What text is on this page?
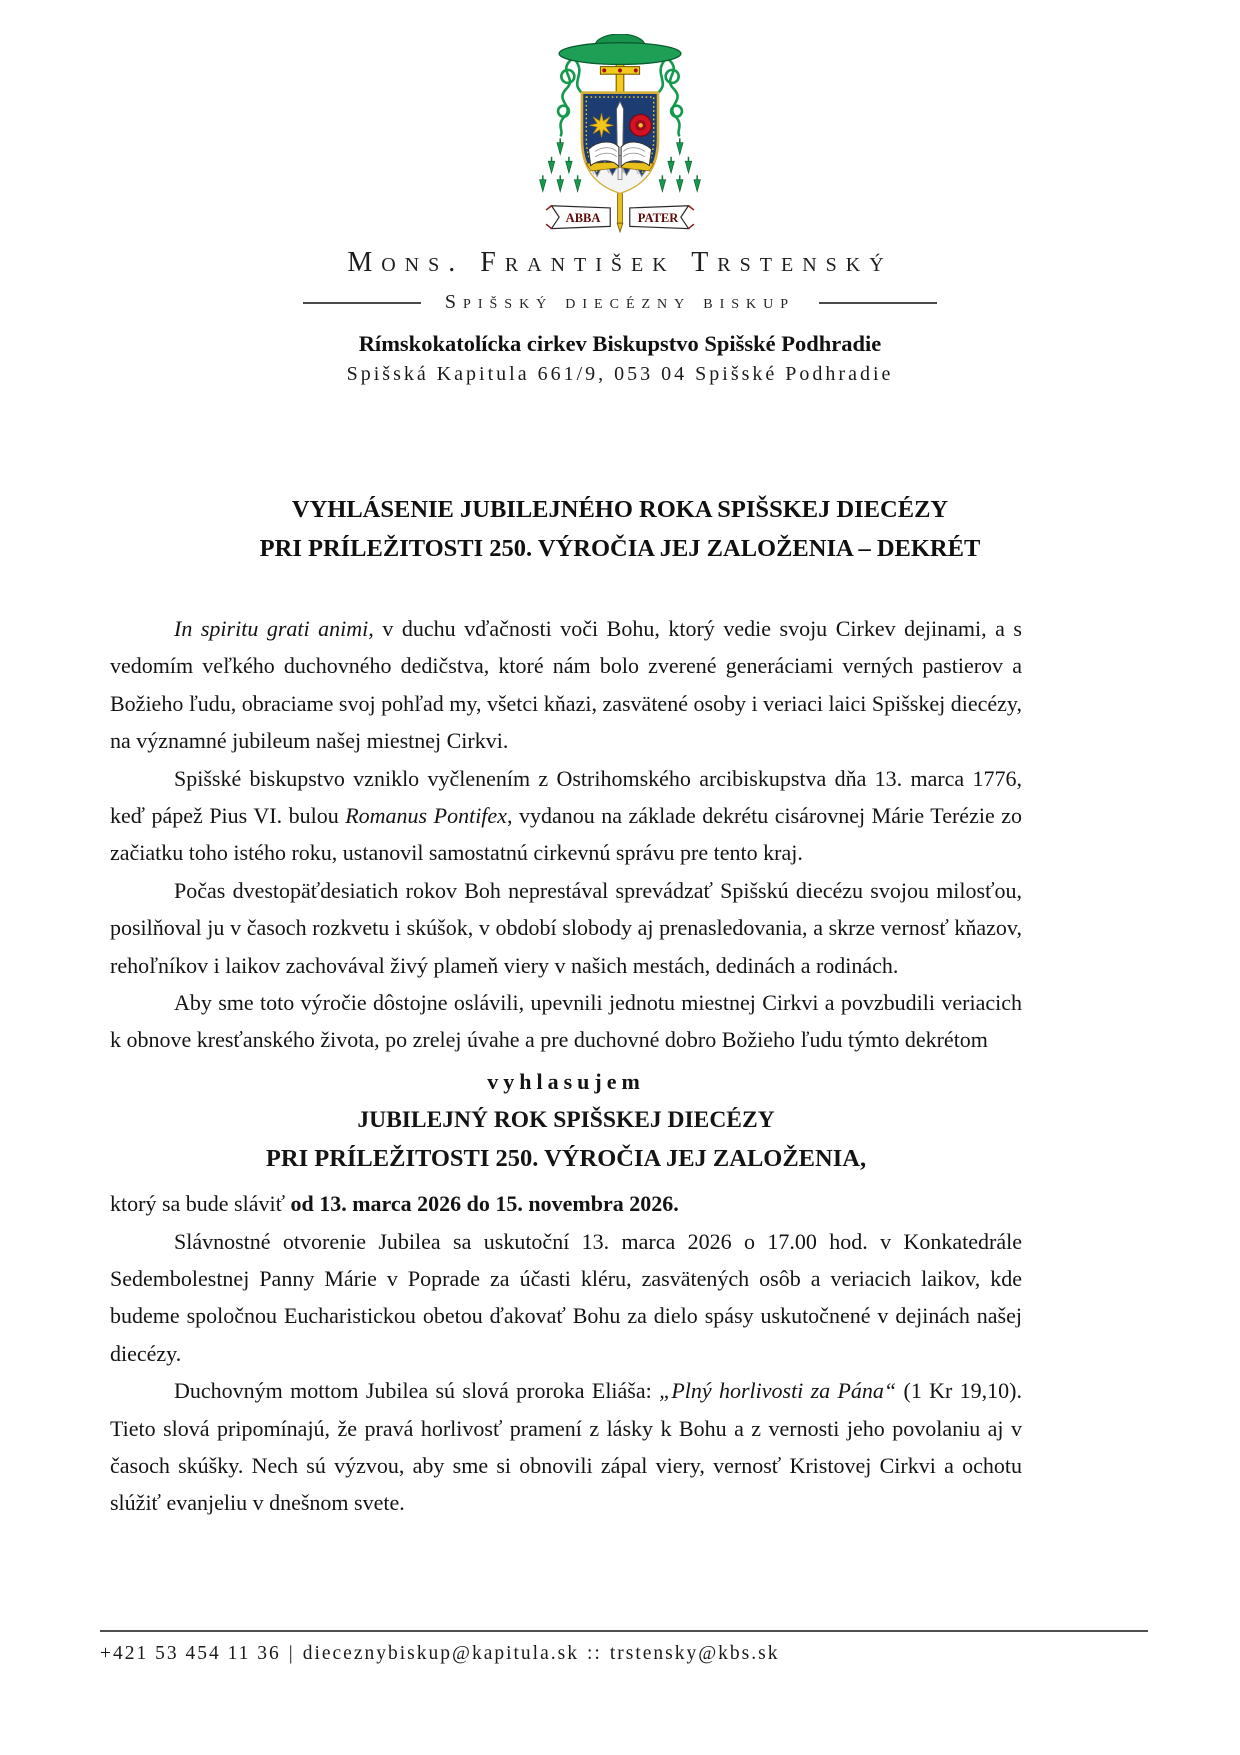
ABBA	PATER
Mons. František Trstenský
Spišský diecézny biskup
Rímskokatolícka cirkev Biskupstvo Spišské Podhradie
Spišská Kapitula 661/9, 053 04 Spišské Podhradie
VYHLÁSENIE JUBILEJNÉHO ROKA SPIŠSKEJ DIECÉZY
PRI PRÍLEŽITOSTI 250. VÝROČIA JEJ ZALOŽENIA – DEKRÉT

In spiritu grati animi, v duchu vďačnosti voči Bohu, ktorý vedie svoju Cirkev dejinami, a s vedomím veľkého duchovného dedičstva, ktoré nám bolo zverené generáciami verných pastierov a Božieho ľudu, obraciame svoj pohľad my, všetci kňazi, zasvätené osoby i veriaci laici Spišskej diecézy, na významné jubileum našej miestnej Cirkvi.

Spišské biskupstvo vzniklo vyčlenením z Ostrihomského arcibiskupstva dňa 13. marca 1776, keď pápež Pius VI. bulou Romanus Pontifex, vydanou na základe dekrétu cisárovnej Márie Terézie zo začiatku toho istého roku, ustanovil samostatnú cirkevnú správu pre tento kraj.

Počas dvestopäťdesiatich rokov Boh neprestával sprevádzať Spišskú diecézu svojou milosťou, posilňoval ju v časoch rozkvetu i skúšok, v období slobody aj prenasledovania, a skrze vernosť kňazov, rehoľníkov i laikov zachovával živý plameň viery v našich mestách, dedinách a rodinách.

Aby sme toto výročie dôstojne oslávili, upevnili jednotu miestnej Cirkvi a povzbudili veriacich k obnove kresťanského života, po zrelej úvahe a pre duchovné dobro Božieho ľudu týmto dekrétom

vyhlasujem

JUBILEJNÝ ROK SPIŠSKEJ DIECÉZY

PRI PRÍLEŽITOSTI 250. VÝROČIA JEJ ZALOŽENIA,

ktorý sa bude sláviť od 13. marca 2026 do 15. novembra 2026.

Slávnostné otvorenie Jubilea sa uskutoční 13. marca 2026 o 17.00 hod. v Konkatedrále Sedembolestnej Panny Márie v Poprade za účasti kléru, zasvätených osôb a veriacich laikov, kde budeme spoločnou Eucharistickou obetou ďakovať Bohu za dielo spásy uskutočnené v dejinách našej diecézy.

Duchovným mottom Jubilea sú slová proroka Eliáša: „Plný horlivosti za Pána“ (1 Kr 19,10). Tieto slová pripomínajú, že pravá horlivosť pramení z lásky k Bohu a z vernosti jeho povolaniu aj v časoch skúšky. Nech sú výzvou, aby sme si obnovili zápal viery, vernosť Kristovej Cirkvi a ochotu slúžiť evanjeliu v dnešnom svete.

+421 53 454 11 36 | dieceznybiskup@kapitula.sk :: trstensky@kbs.sk
